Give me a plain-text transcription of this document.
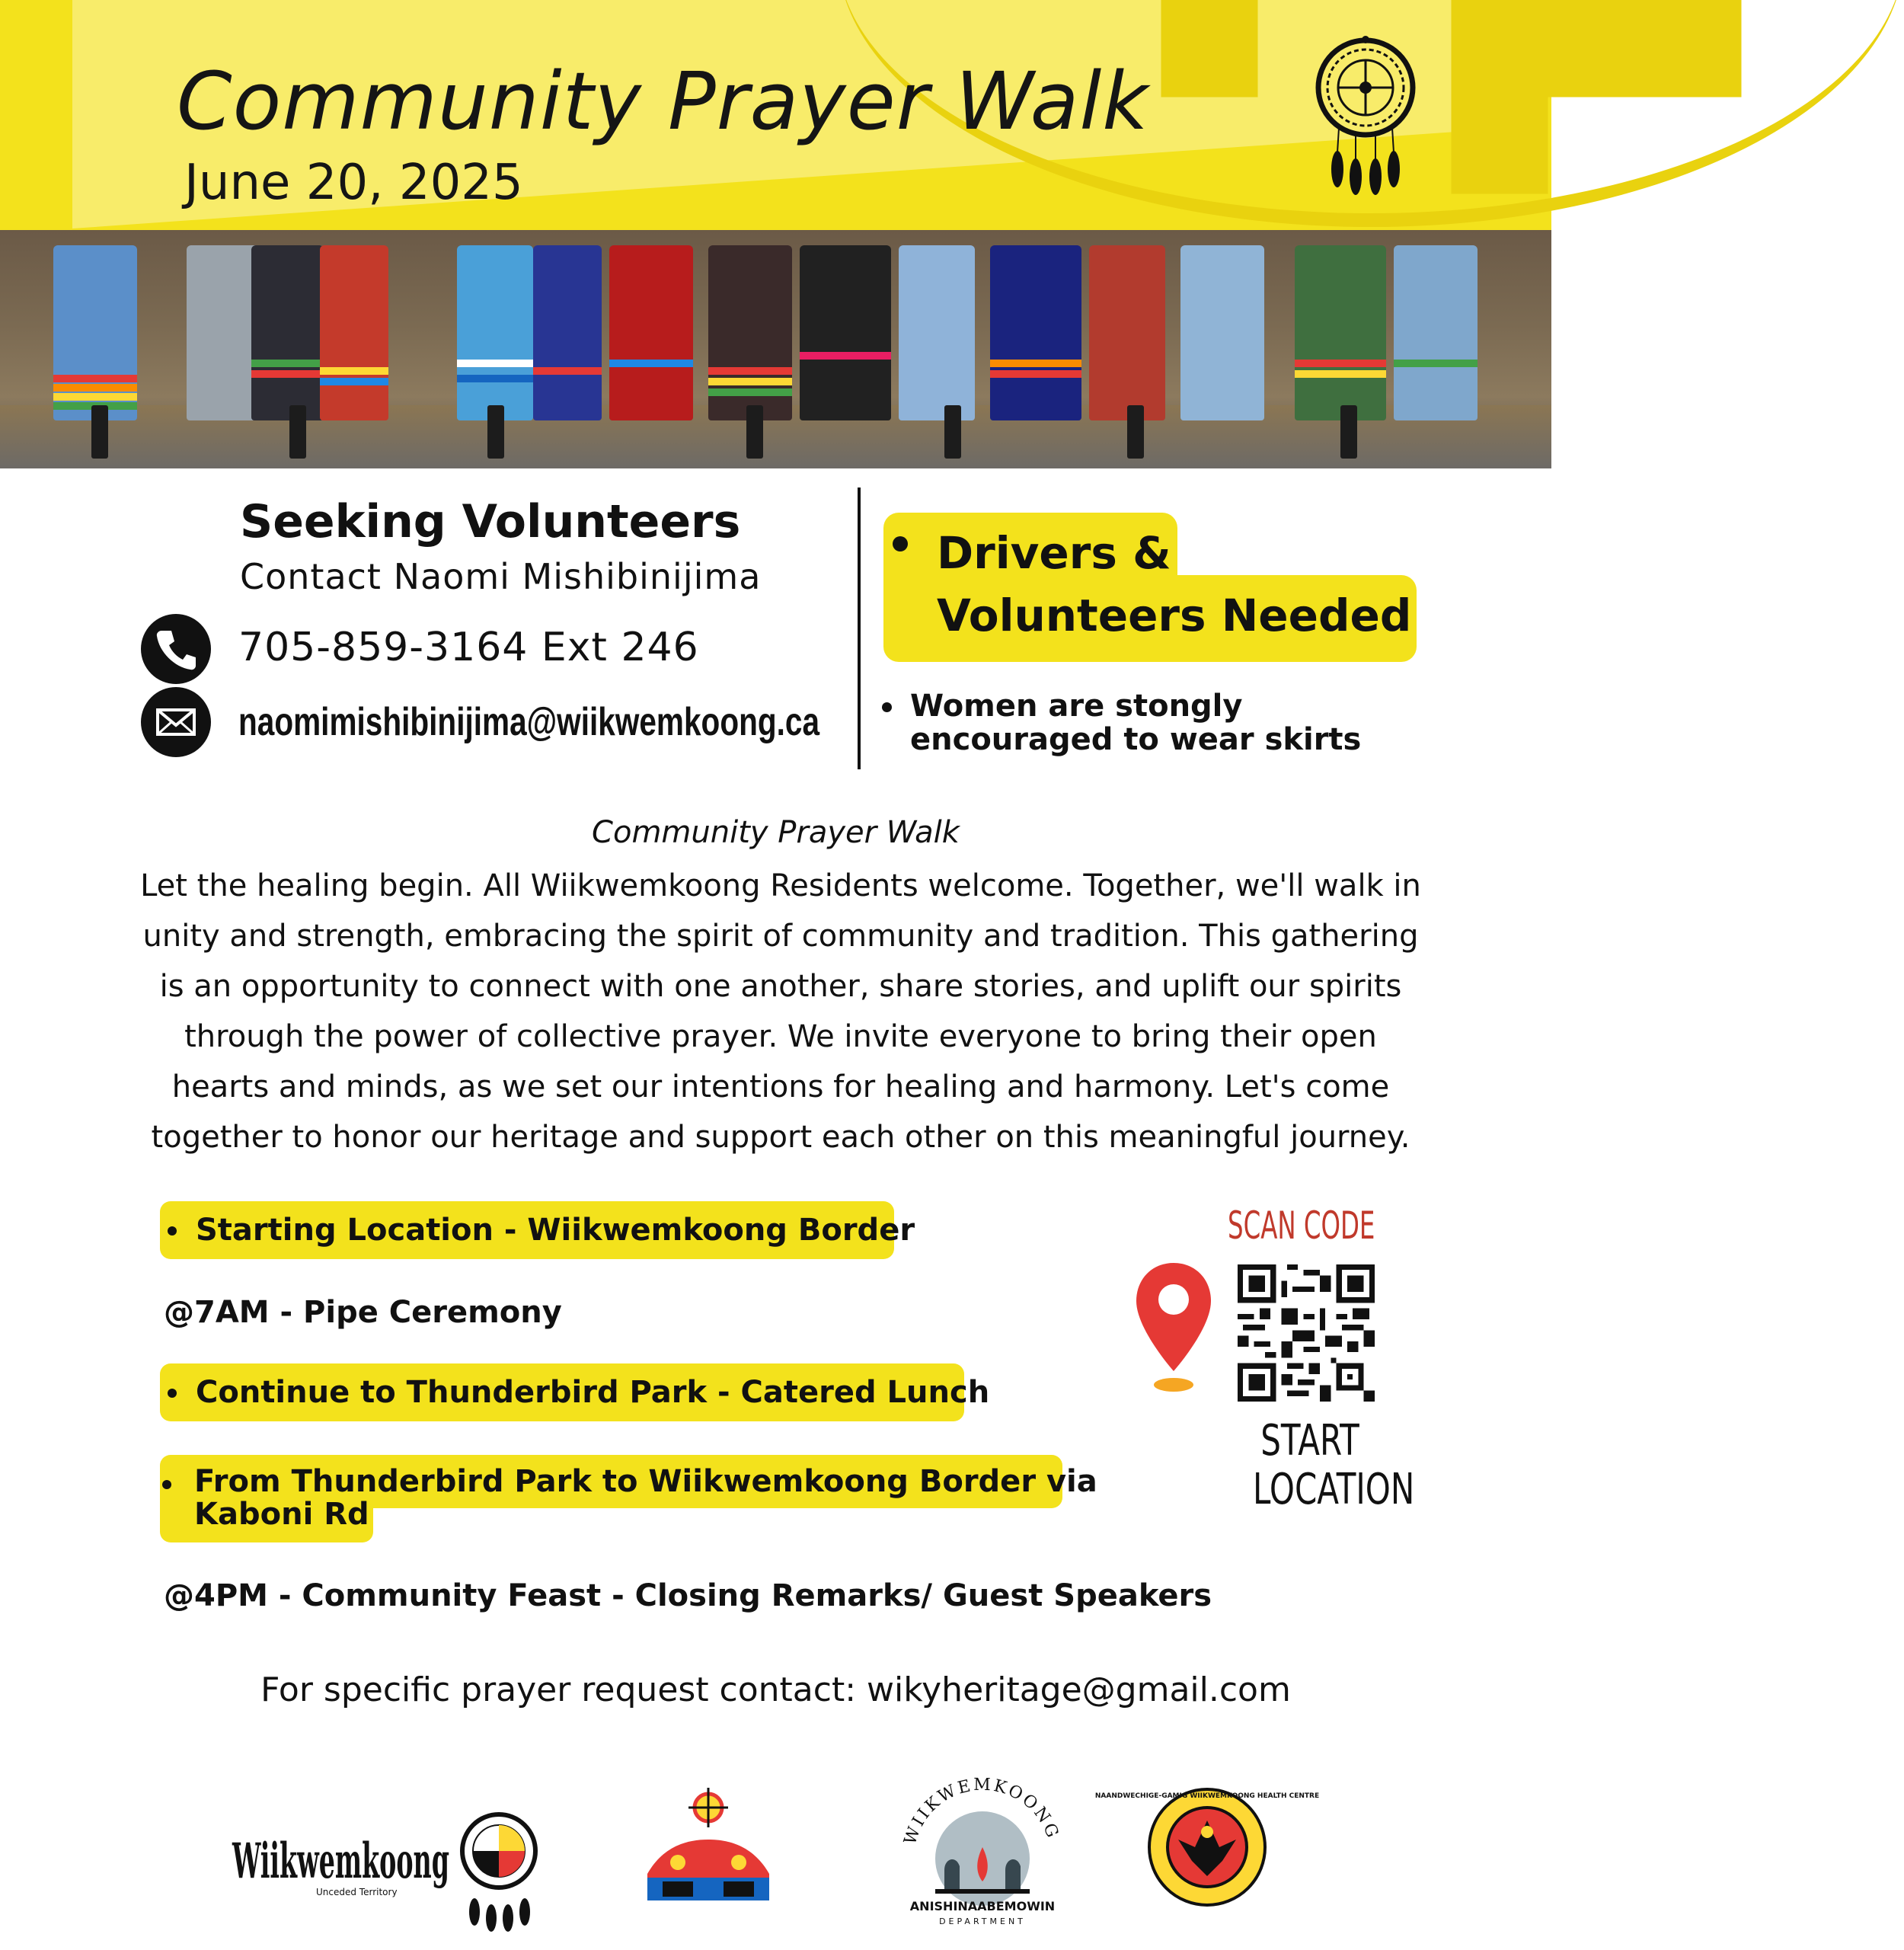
Community Prayer Walk
June 20, 2025
Seeking Volunteers
Contact Naomi Mishibinijima
705-859-3164 Ext 246
naomimishibinijima@wiikwemkoong.ca
Drivers &
Volunteers Needed
Women are stongly encouraged to wear skirts
Community Prayer Walk
Let the healing begin. All Wiikwemkoong Residents welcome. Together, we'll walk in unity and strength, embracing the spirit of community and tradition. This gathering is an opportunity to connect with one another, share stories, and uplift our spirits through the power of collective prayer. We invite everyone to bring their open hearts and minds, as we set our intentions for healing and harmony. Let's come together to honor our heritage and support each other on this meaningful journey.
Starting Location - Wiikwemkoong Border
@7AM - Pipe Ceremony
Continue to Thunderbird Park - Catered Lunch
From Thunderbird Park to Wiikwemkoong Border via
Kaboni Rd
@4PM - Community Feast - Closing Remarks/ Guest Speakers
SCAN CODE
START
LOCATION
For specific prayer request contact: wikyheritage@gmail.com
Wiikwemkoong
Unceded Territory
WIIKWEMKOONG
ANISHINAABEMOWIN
DEPARTMENT
NAANDWECHIGE-GAMIG WIIKWEMKOONG HEALTH CENTRE
